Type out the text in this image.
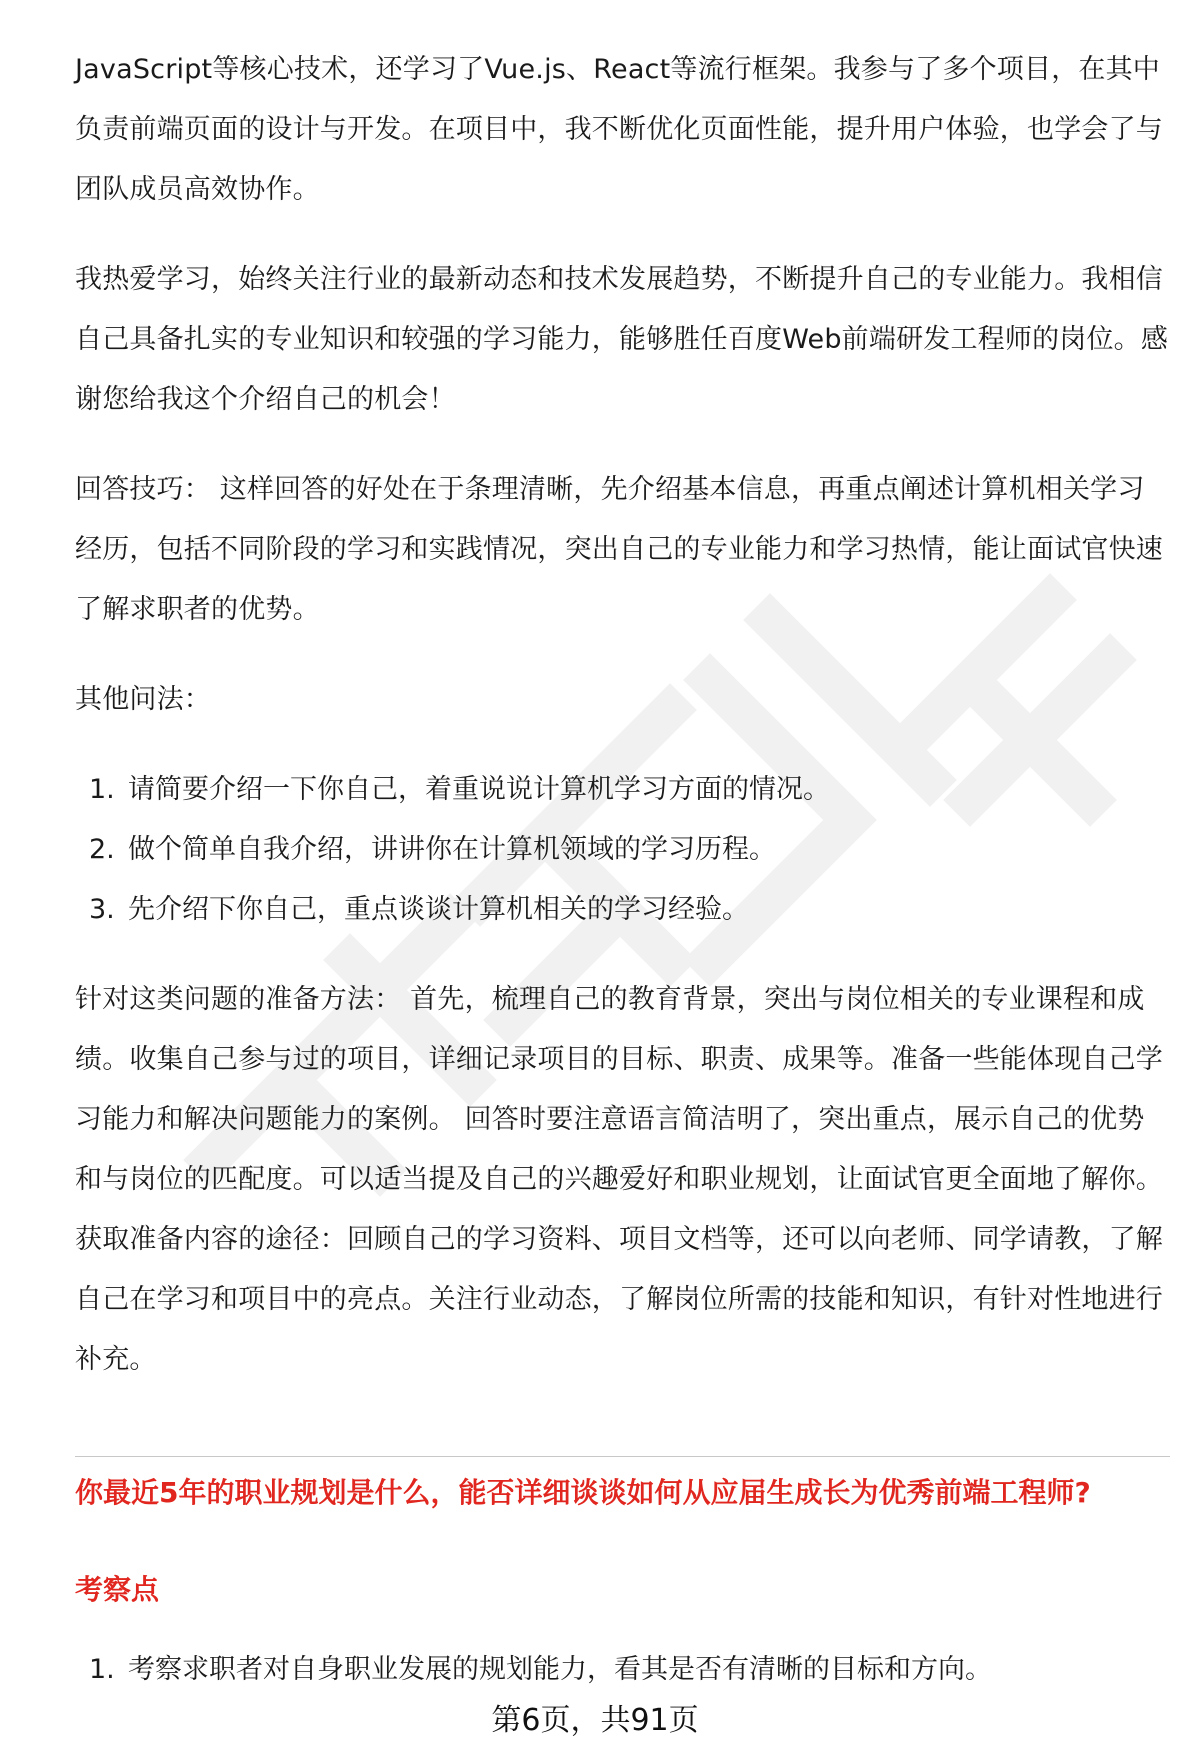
JavaScript等核心技术，还学习了Vue.js、React等流行框架。我参与了多个项目，在其中负责前端页面的设计与开发。在项目中，我不断优化页面性能，提升用户体验，也学会了与团队成员高效协作。

我热爱学习，始终关注行业的最新动态和技术发展趋势，不断提升自己的专业能力。我相信自己具备扎实的专业知识和较强的学习能力，能够胜任百度Web前端研发工程师的岗位。感谢您给我这个介绍自己的机会！

回答技巧： 这样回答的好处在于条理清晰，先介绍基本信息，再重点阐述计算机相关学习经历，包括不同阶段的学习和实践情况，突出自己的专业能力和学习热情，能让面试官快速了解求职者的优势。

其他问法：

1. 请简要介绍一下你自己，着重说说计算机学习方面的情况。
2. 做个简单自我介绍，讲讲你在计算机领域的学习历程。
3. 先介绍下你自己，重点谈谈计算机相关的学习经验。

针对这类问题的准备方法： 首先，梳理自己的教育背景，突出与岗位相关的专业课程和成绩。收集自己参与过的项目，详细记录项目的目标、职责、成果等。准备一些能体现自己学习能力和解决问题能力的案例。 回答时要注意语言简洁明了，突出重点，展示自己的优势和与岗位的匹配度。可以适当提及自己的兴趣爱好和职业规划，让面试官更全面地了解你。 获取准备内容的途径：回顾自己的学习资料、项目文档等，还可以向老师、同学请教，了解自己在学习和项目中的亮点。关注行业动态，了解岗位所需的技能和知识，有针对性地进行补充。

你最近5年的职业规划是什么，能否详细谈谈如何从应届生成长为优秀前端工程师?
考察点
1. 考察求职者对自身职业发展的规划能力，看其是否有清晰的目标和方向。
第6页，共91页
